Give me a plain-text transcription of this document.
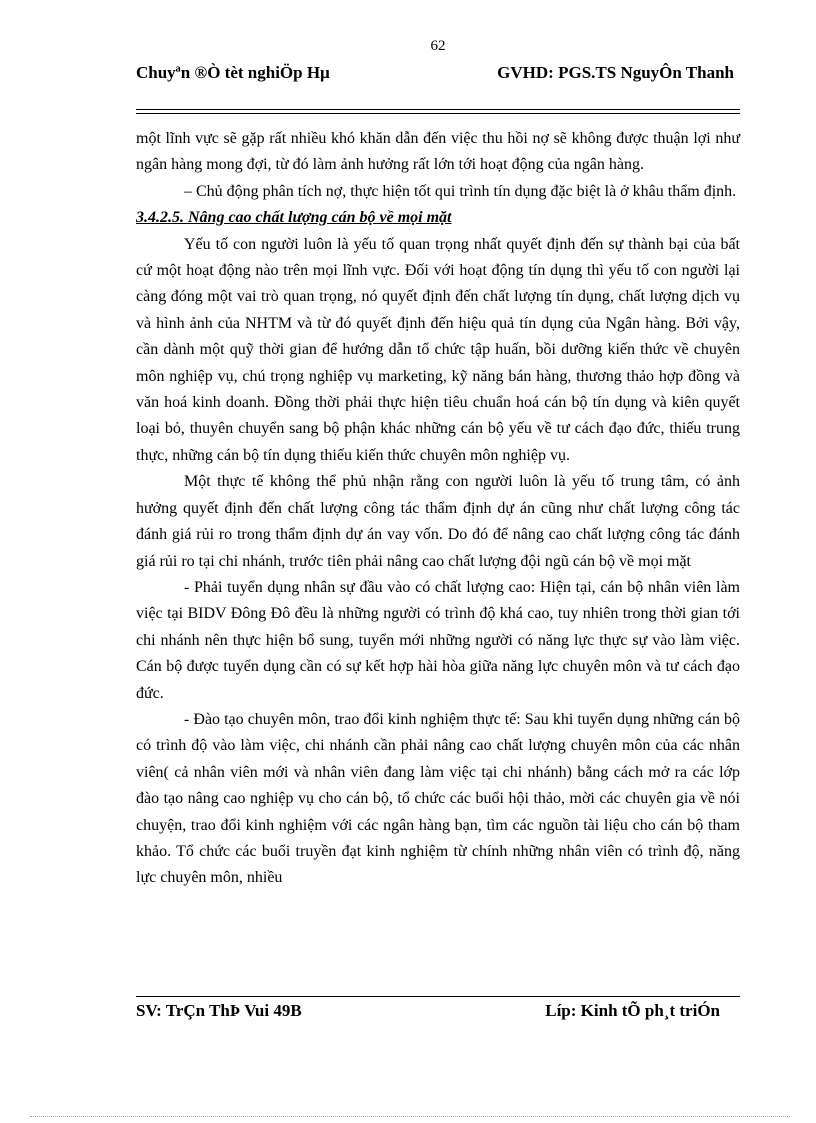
62
Chuyªn ®Ò tèt nghiÖp Hµ	GVHD: PGS.TS NguyÔn Thanh

một lĩnh vực sẽ gặp rất nhiều khó khăn dẫn đến việc thu hồi nợ sẽ không được thuận lợi như ngân hàng mong đợi, từ đó làm ảnh hưởng rất lớn tới hoạt động của ngân hàng.

– Chủ động phân tích nợ, thực hiện tốt qui trình tín dụng đặc biệt là ở khâu thẩm định.

3.4.2.5. Nâng cao chất lượng cán bộ về mọi mặt

Yếu tố con người luôn là yếu tố quan trọng nhất quyết định đến sự thành bại của bất cứ một hoạt động nào trên mọi lĩnh vực. Đối với hoạt động tín dụng thì yếu tố con người lại càng đóng một vai trò quan trọng, nó quyết định đến chất lượng tín dụng, chất lượng dịch vụ và hình ảnh của NHTM và từ đó quyết định đến hiệu quả tín dụng của Ngân hàng. Bởi vậy, cần dành một quỹ thời gian để hướng dẫn tổ chức tập huấn, bồi dưỡng kiến thức về chuyên môn nghiệp vụ, chú trọng nghiệp vụ marketing, kỹ năng bán hàng, thương thảo hợp đồng và văn hoá kinh doanh. Đồng thời phải thực hiện tiêu chuẩn hoá cán bộ tín dụng và kiên quyết loại bỏ, thuyên chuyển sang bộ phận khác những cán bộ yếu về tư cách đạo đức, thiếu trung thực, những cán bộ tín dụng thiếu kiến thức chuyên môn nghiệp vụ.

Một thực tế không thể phủ nhận rằng con người luôn là yếu tố trung tâm, có ảnh hưởng quyết định đến chất lượng công tác thẩm định dự án cũng như chất lượng công tác đánh giá rủi ro trong thẩm định dự án vay vốn. Do đó để nâng cao chất lượng công tác đánh giá rủi ro tại chi nhánh, trước tiên phải nâng cao chất lượng đội ngũ cán bộ về mọi mặt

- Phải tuyển dụng nhân sự đầu vào có chất lượng cao: Hiện tại, cán bộ nhân viên làm việc tại BIDV Đông Đô đều là những người có trình độ khá cao, tuy nhiên trong thời gian tới chi nhánh nên thực hiện bổ sung, tuyển mới những người có năng lực thực sự vào làm việc. Cán bộ được tuyển dụng cần có sự kết hợp hài hòa giữa năng lực chuyên môn và tư cách đạo đức.

- Đào tạo chuyên môn, trao đổi kinh nghiệm thực tế: Sau khi tuyển dụng những cán bộ có trình độ vào làm việc, chi nhánh cần phải nâng cao chất lượng chuyên môn của các nhân viên( cả nhân viên mới và nhân viên đang làm việc tại chi nhánh) bằng cách mở ra các lớp đào tạo nâng cao nghiệp vụ cho cán bộ, tổ chức các buổi hội thảo, mời các chuyên gia về nói chuyện, trao đổi kinh nghiệm với các ngân hàng bạn, tìm các nguồn tài liệu cho cán bộ tham khảo. Tổ chức các buổi truyền đạt kinh nghiệm từ chính những nhân viên có trình độ, năng lực chuyên môn, nhiều

SV: TrÇn ThÞ Vui 49B	Líp: Kinh tÕ ph¸t triÓn
